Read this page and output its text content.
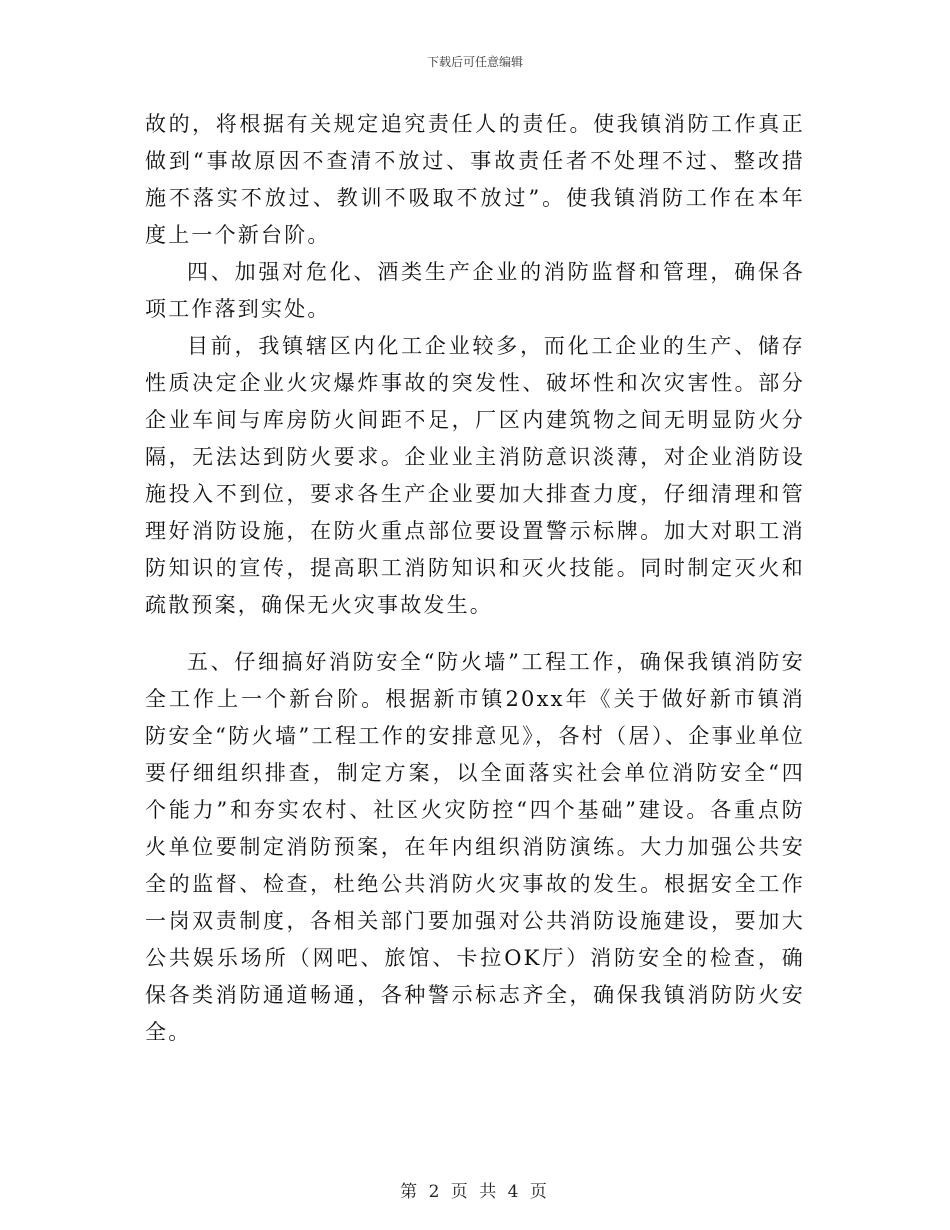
下载后可任意编辑

故的，将根据有关规定追究责任人的责任。使我镇消防工作真正做到“事故原因不查清不放过、事故责任者不处理不过、整改措施不落实不放过、教训不吸取不放过”。使我镇消防工作在本年度上一个新台阶。

四、加强对危化、酒类生产企业的消防监督和管理，确保各项工作落到实处。

目前，我镇辖区内化工企业较多，而化工企业的生产、储存性质决定企业火灾爆炸事故的突发性、破坏性和次灾害性。部分企业车间与库房防火间距不足，厂区内建筑物之间无明显防火分隔，无法达到防火要求。企业业主消防意识淡薄，对企业消防设施投入不到位，要求各生产企业要加大排查力度，仔细清理和管理好消防设施，在防火重点部位要设置警示标牌。加大对职工消防知识的宣传，提高职工消防知识和灭火技能。同时制定灭火和疏散预案，确保无火灾事故发生。

五、仔细搞好消防安全“防火墙”工程工作，确保我镇消防安全工作上一个新台阶。根据新市镇20xx年《关于做好新市镇消防安全“防火墙”工程工作的安排意见》，各村（居）、企事业单位要仔细组织排查，制定方案，以全面落实社会单位消防安全“四个能力”和夯实农村、社区火灾防控“四个基础”建设。各重点防火单位要制定消防预案，在年内组织消防演练。大力加强公共安全的监督、检查，杜绝公共消防火灾事故的发生。根据安全工作一岗双责制度，各相关部门要加强对公共消防设施建设，要加大公共娱乐场所（网吧、旅馆、卡拉OK厅）消防安全的检查，确保各类消防通道畅通，各种警示标志齐全，确保我镇消防防火安全。

第 2 页 共 4 页
